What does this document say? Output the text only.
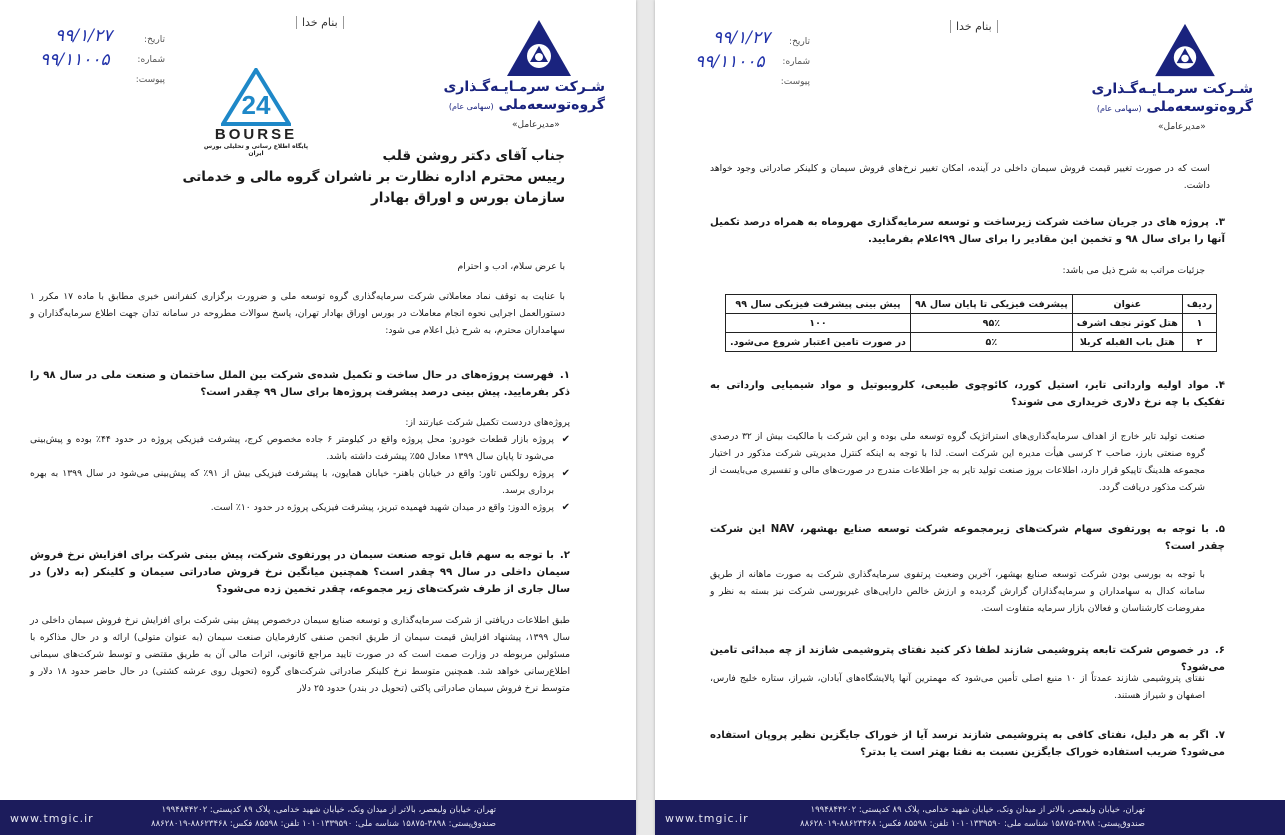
بنام خدا
تاریخ:
شماره:
پیوست:
۹۹/۱/۲۷
۹۹/۱۱۰۰۵
شـرکت سرمـایـه‌گـذاری
گروه‌توسعه‌ملی (سهامی عام)
«مدیرعامل»
24
BOURSE
پایگاه اطلاع رسانی و تحلیلی بورس ایران	جناب آقای دکتر روشن قلب
رییس محترم اداره نظارت بر ناشران گروه مالی و خدماتی
سازمان بورس و اوراق بهادار
با عرض سلام، ادب و احترام
با عنایت به توقف نماد معاملاتی شرکت سرمایه‌گذاری گروه توسعه ملی و ضرورت برگزاری کنفرانس خبری مطابق با ماده ۱۷ مکرر ۱ دستورالعمل اجرایی نحوه انجام معاملات در بورس اوراق بهادار تهران، پاسخ سوالات مطروحه در سامانه تدان جهت اطلاع سرمایه‌گذاران و سهامداران محترم، به شرح ذیل اعلام می شود:
۱.فهرست پروژه‌های در حال ساخت و تکمیل شده‌ی شرکت بین الملل ساختمان و صنعت ملی در سال ۹۸ را ذکر بفرمایید. پیش بینی درصد پیشرفت پروژه‌ها برای سال ۹۹ چقدر است؟
پروژه‌های دردست تکمیل شرکت عبارتند از:
✔
پروژه بازار قطعات خودرو: محل پروژه واقع در کیلومتر ۶ جاده مخصوص کرج، پیشرفت فیزیکی پروژه در حدود ۴۴٪ بوده و پیش‌بینی می‌شود تا پایان سال ۱۳۹۹ معادل ۵۵٪ پیشرفت داشته باشد.
✔
پروژه رولکس تاور: واقع در خیابان باهنر- خیابان همایون، با پیشرفت فیزیکی بیش از ۹۱٪ که پیش‌بینی می‌شود در سال ۱۳۹۹ به بهره برداری برسد.
✔
پروژه الدوز: واقع در میدان شهید فهمیده تبریز، پیشرفت فیزیکی پروژه در حدود ۱۰٪ است.
۲.با توجه به سهم قابل توجه صنعت سیمان در پورتفوی شرکت، پیش بینی شرکت برای افزایش نرخ فروش سیمان داخلی در سال ۹۹ چقدر است؟ همچنین میانگین نرخ فروش صادراتی سیمان و کلینکر (به دلار) در سال جاری از طرف شرکت‌های زیر مجموعه، چقدر تخمین زده می‌شود؟
طبق اطلاعات دریافتی از شرکت سرمایه‌گذاری و توسعه صنایع سیمان درخصوص پیش بینی شرکت برای افزایش نرخ فروش سیمان داخلی در سال ۱۳۹۹، پیشنهاد افزایش قیمت سیمان از طریق انجمن صنفی کارفرمایان صنعت سیمان (به عنوان متولی) ارائه و در حال مذاکره با مسئولین مربوطه در وزارت صمت است که در صورت تایید مراجع قانونی، اثرات مالی آن به طریق مقتضی و توسط شرکت‌های سیمانی اطلاع‌رسانی خواهد شد. همچنین متوسط نرخ کلینکر صادراتی شرکت‌های گروه (تحویل روی عرشه کشتی) در حال حاضر حدود ۱۸ دلار و متوسط نرخ فروش سیمان صادراتی پاکتی (تحویل در بندر) حدود ۲۵ دلار
تهران، خیابان ولیعصر، بالاتر از میدان ونک، خیابان شهید خدامی، پلاک ۸۹ کدپستی: ۱۹۹۴۸۴۴۲۰۲
صندوق‌پستی: ۳۸۹۸-۱۵۸۷۵ شناسه ملی: ۱۰۱۰۱۳۳۹۵۹۰ تلفن: ۸۵۵۹۸ فکس: ۸۸۶۲۳۴۶۸-۸۸۶۲۸۰۱۹
www.tmgic.ir
بنام خدا
تاریخ:
شماره:
پیوست:
۹۹/۱/۲۷
۹۹/۱۱۰۰۵
شـرکت سرمـایـه‌گـذاری
گروه‌توسعه‌ملی (سهامی عام)
«مدیرعامل»
است که در صورت تغییر قیمت فروش سیمان داخلی در آینده، امکان تغییر نرخ‌های فروش سیمان و کلینکر صادراتی وجود خواهد داشت.
۳.پروژه های در جریان ساخت شرکت زیرساخت و توسعه سرمایه‌گذاری مهروماه به همراه درصد تکمیل آنها را برای سال ۹۸ و تخمین این مقادیر را برای سال ۹۹اعلام بفرمایید.
جزئیات مراتب به شرح ذیل می باشد:
ردیف	عنوان	پیشرفت فیزیکی تا پایان سال ۹۸	پیش بینی پیشرفت فیزیکی سال ۹۹
۱	هتل کوثر نجف اشرف	۹۵٪	۱۰۰
۲	هتل باب القبله کربلا	۵٪	در صورت تامین اعتبار شروع می‌شود.
۴.مواد اولیه وارداتی تایر، استیل کورد، کائوچوی طبیعی، کلروبیوتیل و مواد شیمیایی وارداتی به تفکیک با چه نرخ دلاری خریداری می شوند؟
صنعت تولید تایر خارج از اهداف سرمایه‌گذاری‌های استراتژیک گروه توسعه ملی بوده و این شرکت با مالکیت بیش از ۳۲ درصدی گروه صنعتی بارز، صاحب ۲ کرسی هیأت مدیره این شرکت است. لذا با توجه به اینکه کنترل مدیریتی شرکت مذکور در اختیار مجموعه هلدینگ تاپیکو قرار دارد، اطلاعات بروز صنعت تولید تایر به جز اطلاعات مندرج در صورت‌های مالی و تفسیری می‌بایست از شرکت مذکور دریافت گردد.
۵.با توجه به پورتفوی سهام شرکت‌های زیرمجموعه شرکت توسعه صنایع بهشهر، NAV این شرکت چقدر است؟
با توجه به بورسی بودن شرکت توسعه صنایع بهشهر، آخرین وضعیت پرتفوی سرمایه‌گذاری شرکت به صورت ماهانه از طریق سامانه کدال به سهامداران و سرمایه‌گذاران گزارش گردیده و ارزش خالص دارایی‌های غیربورسی شرکت نیز بسته به نظر و مفروضات کارشناسان و فعالان بازار سرمایه متفاوت است.
۶.در خصوص شرکت تابعه پتروشیمی شازند لطفا ذکر کنید نفتای پتروشیمی شازند از چه مبدائی تامین می‌شود؟
نفتای پتروشیمی شازند عمدتاً از ۱۰ منبع اصلی تأمین می‌شود که مهمترین آنها پالایشگاه‌های آبادان، شیراز، ستاره خلیج فارس، اصفهان و شیراز هستند.
۷.اگر به هر دلیل، نفتای کافی به پتروشیمی شازند نرسد آیا از خوراک جایگزین نظیر پروپان استفاده می‌شود؟ ضریب استفاده خوراک جایگزین نسبت به نفتا بهتر است یا بدتر؟
تهران، خیابان ولیعصر، بالاتر از میدان ونک، خیابان شهید خدامی، پلاک ۸۹ کدپستی: ۱۹۹۴۸۴۴۲۰۲
صندوق‌پستی: ۳۸۹۸-۱۵۸۷۵ شناسه ملی: ۱۰۱۰۱۳۳۹۵۹۰ تلفن: ۸۵۵۹۸ فکس: ۸۸۶۲۳۴۶۸-۸۸۶۲۸۰۱۹
www.tmgic.ir
